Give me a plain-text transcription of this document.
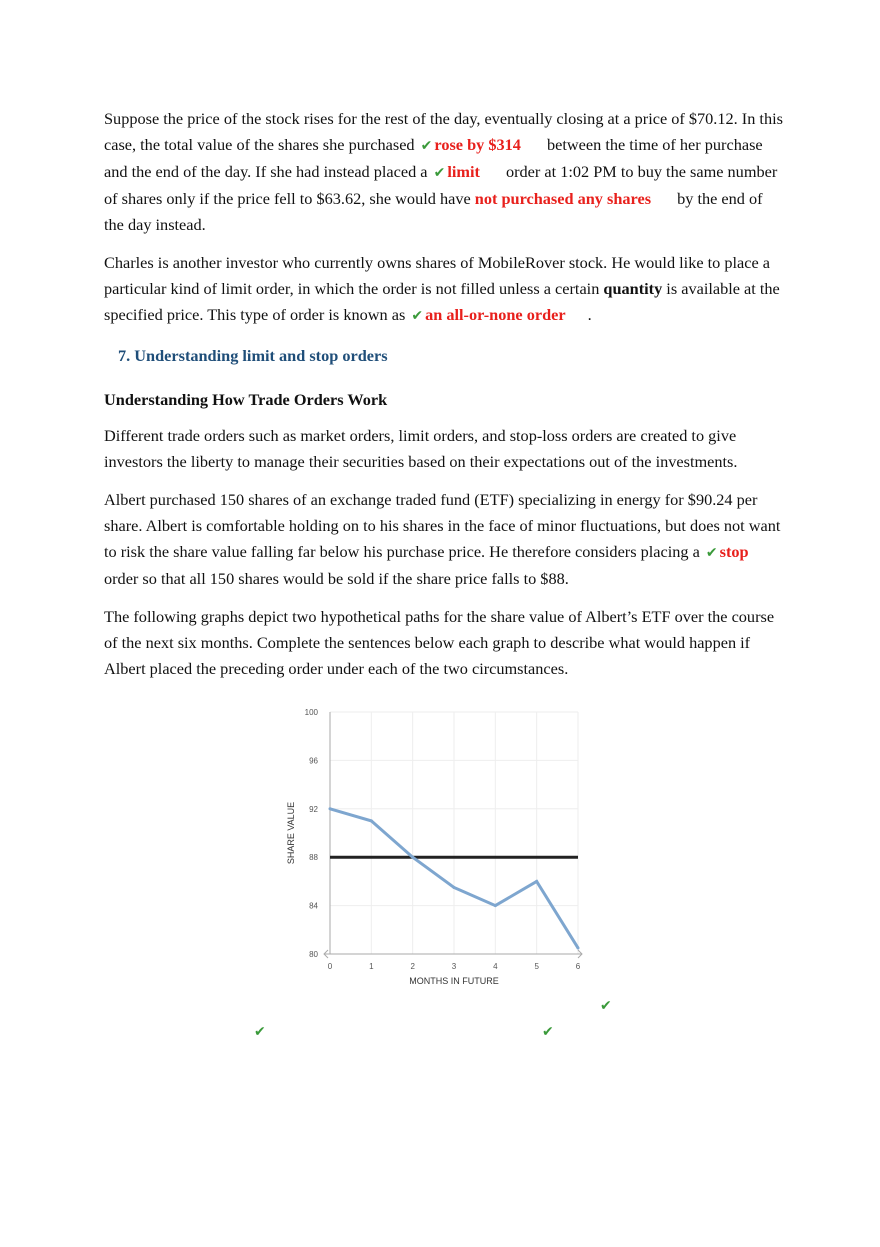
Suppose the price of the stock rises for the rest of the day, eventually closing at a price of $70.12. In this case, the total value of the shares she purchased ✔ rose by $314 between the time of her purchase and the end of the day. If she had instead placed a ✔ limit order at 1:02 PM to buy the same number of shares only if the price fell to $63.62, she would have not purchased any shares by the end of the day instead.

Charles is another investor who currently owns shares of MobileRover stock. He would like to place a particular kind of limit order, in which the order is not filled unless a certain quantity is available at the specified price. This type of order is known as ✔ an all-or-none order .

7. Understanding limit and stop orders
Understanding How Trade Orders Work

Different trade orders such as market orders, limit orders, and stop-loss orders are created to give investors the liberty to manage their securities based on their expectations out of the investments.

Albert purchased 150 shares of an exchange traded fund (ETF) specializing in energy for $90.24 per share. Albert is comfortable holding on to his shares in the face of minor fluctuations, but does not want to risk the share value falling far below his purchase price. He therefore considers placing a ✔ stop order so that all 150 shares would be sold if the share price falls to $88.

The following graphs depict two hypothetical paths for the share value of Albert’s ETF over the course of the next six months. Complete the sentences below each graph to describe what would happen if Albert placed the preceding order under each of the two circumstances.

80
84
88
92
96
100
0	1	2	3	4	5	6
SHARE VALUE
MONTHS IN FUTURE
✔
✔	✔
